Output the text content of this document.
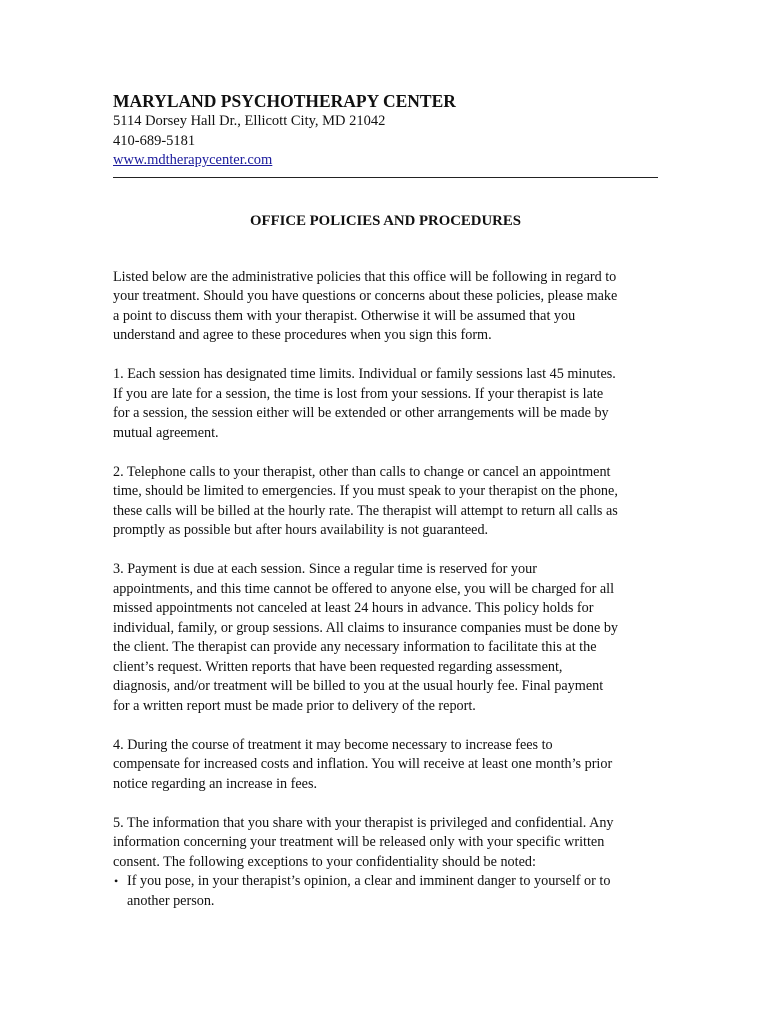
MARYLAND PSYCHOTHERAPY CENTER
5114 Dorsey Hall Dr., Ellicott City, MD 21042
410-689-5181
www.mdtherapycenter.com
OFFICE POLICIES AND PROCEDURES

Listed below are the administrative policies that this office will be following in regard to
your treatment. Should you have questions or concerns about these policies, please make
a point to discuss them with your therapist. Otherwise it will be assumed that you
understand and agree to these procedures when you sign this form.

1. Each session has designated time limits. Individual or family sessions last 45 minutes.
If you are late for a session, the time is lost from your sessions. If your therapist is late
for a session, the session either will be extended or other arrangements will be made by
mutual agreement.

2. Telephone calls to your therapist, other than calls to change or cancel an appointment
time, should be limited to emergencies. If you must speak to your therapist on the phone,
these calls will be billed at the hourly rate. The therapist will attempt to return all calls as
promptly as possible but after hours availability is not guaranteed.

3. Payment is due at each session. Since a regular time is reserved for your
appointments, and this time cannot be offered to anyone else, you will be charged for all
missed appointments not canceled at least 24 hours in advance. This policy holds for
individual, family, or group sessions. All claims to insurance companies must be done by
the client. The therapist can provide any necessary information to facilitate this at the
client’s request. Written reports that have been requested regarding assessment,
diagnosis, and/or treatment will be billed to you at the usual hourly fee. Final payment
for a written report must be made prior to delivery of the report.

4. During the course of treatment it may become necessary to increase fees to
compensate for increased costs and inflation. You will receive at least one month’s prior
notice regarding an increase in fees.

5. The information that you share with your therapist is privileged and confidential. Any
information concerning your treatment will be released only with your specific written
consent. The following exceptions to your confidentiality should be noted:

• If you pose, in your therapist’s opinion, a clear and imminent danger to yourself or to
another person.
